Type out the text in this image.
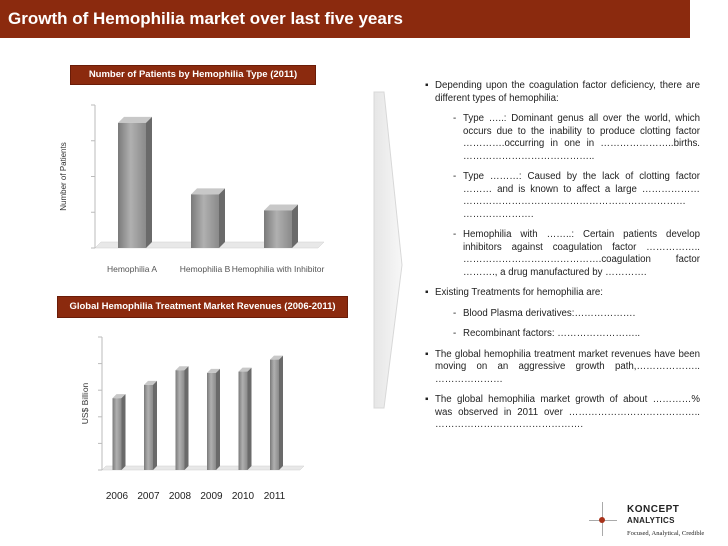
Growth of Hemophilia market over last five years
Number of Patients by Hemophilia Type (2011)
Number of Patients
Hemophilia A	Hemophilia B Hemophilia with Inhibitor
Global Hemophilia Treatment Market Revenues (2006-2011)
US$ Billion
2006 2007 2008 2009 2010 2011
▪ Depending upon the coagulation factor deficiency, there are different types of hemophilia:
- Type …..: Dominant genus all over the world, which occurs due to the inability to produce clotting factor ………….occurring in one in …………………..births. …………………………………..
- Type ………: Caused by the lack of clotting factor ……… and is known to affect a large ……………… …………………………………………………………… ………………….
- Hemophilia with ……..: Certain patients develop inhibitors against coagulation factor …………….. …………………………………….coagulation factor ………., a drug manufactured by ………….
▪ Existing Treatments for hemophilia are:
- Blood Plasma derivatives:……………….
- Recombinant factors: ……………………..
▪ The global hemophilia treatment market revenues have been moving on an aggressive growth path,……………….. …………………
▪ The global hemophilia market growth of about …………% was observed in 2011 over ………………………………….. ……………………………………….
KONCEPT
ANALYTICS
Focused, Analytical, Credible
